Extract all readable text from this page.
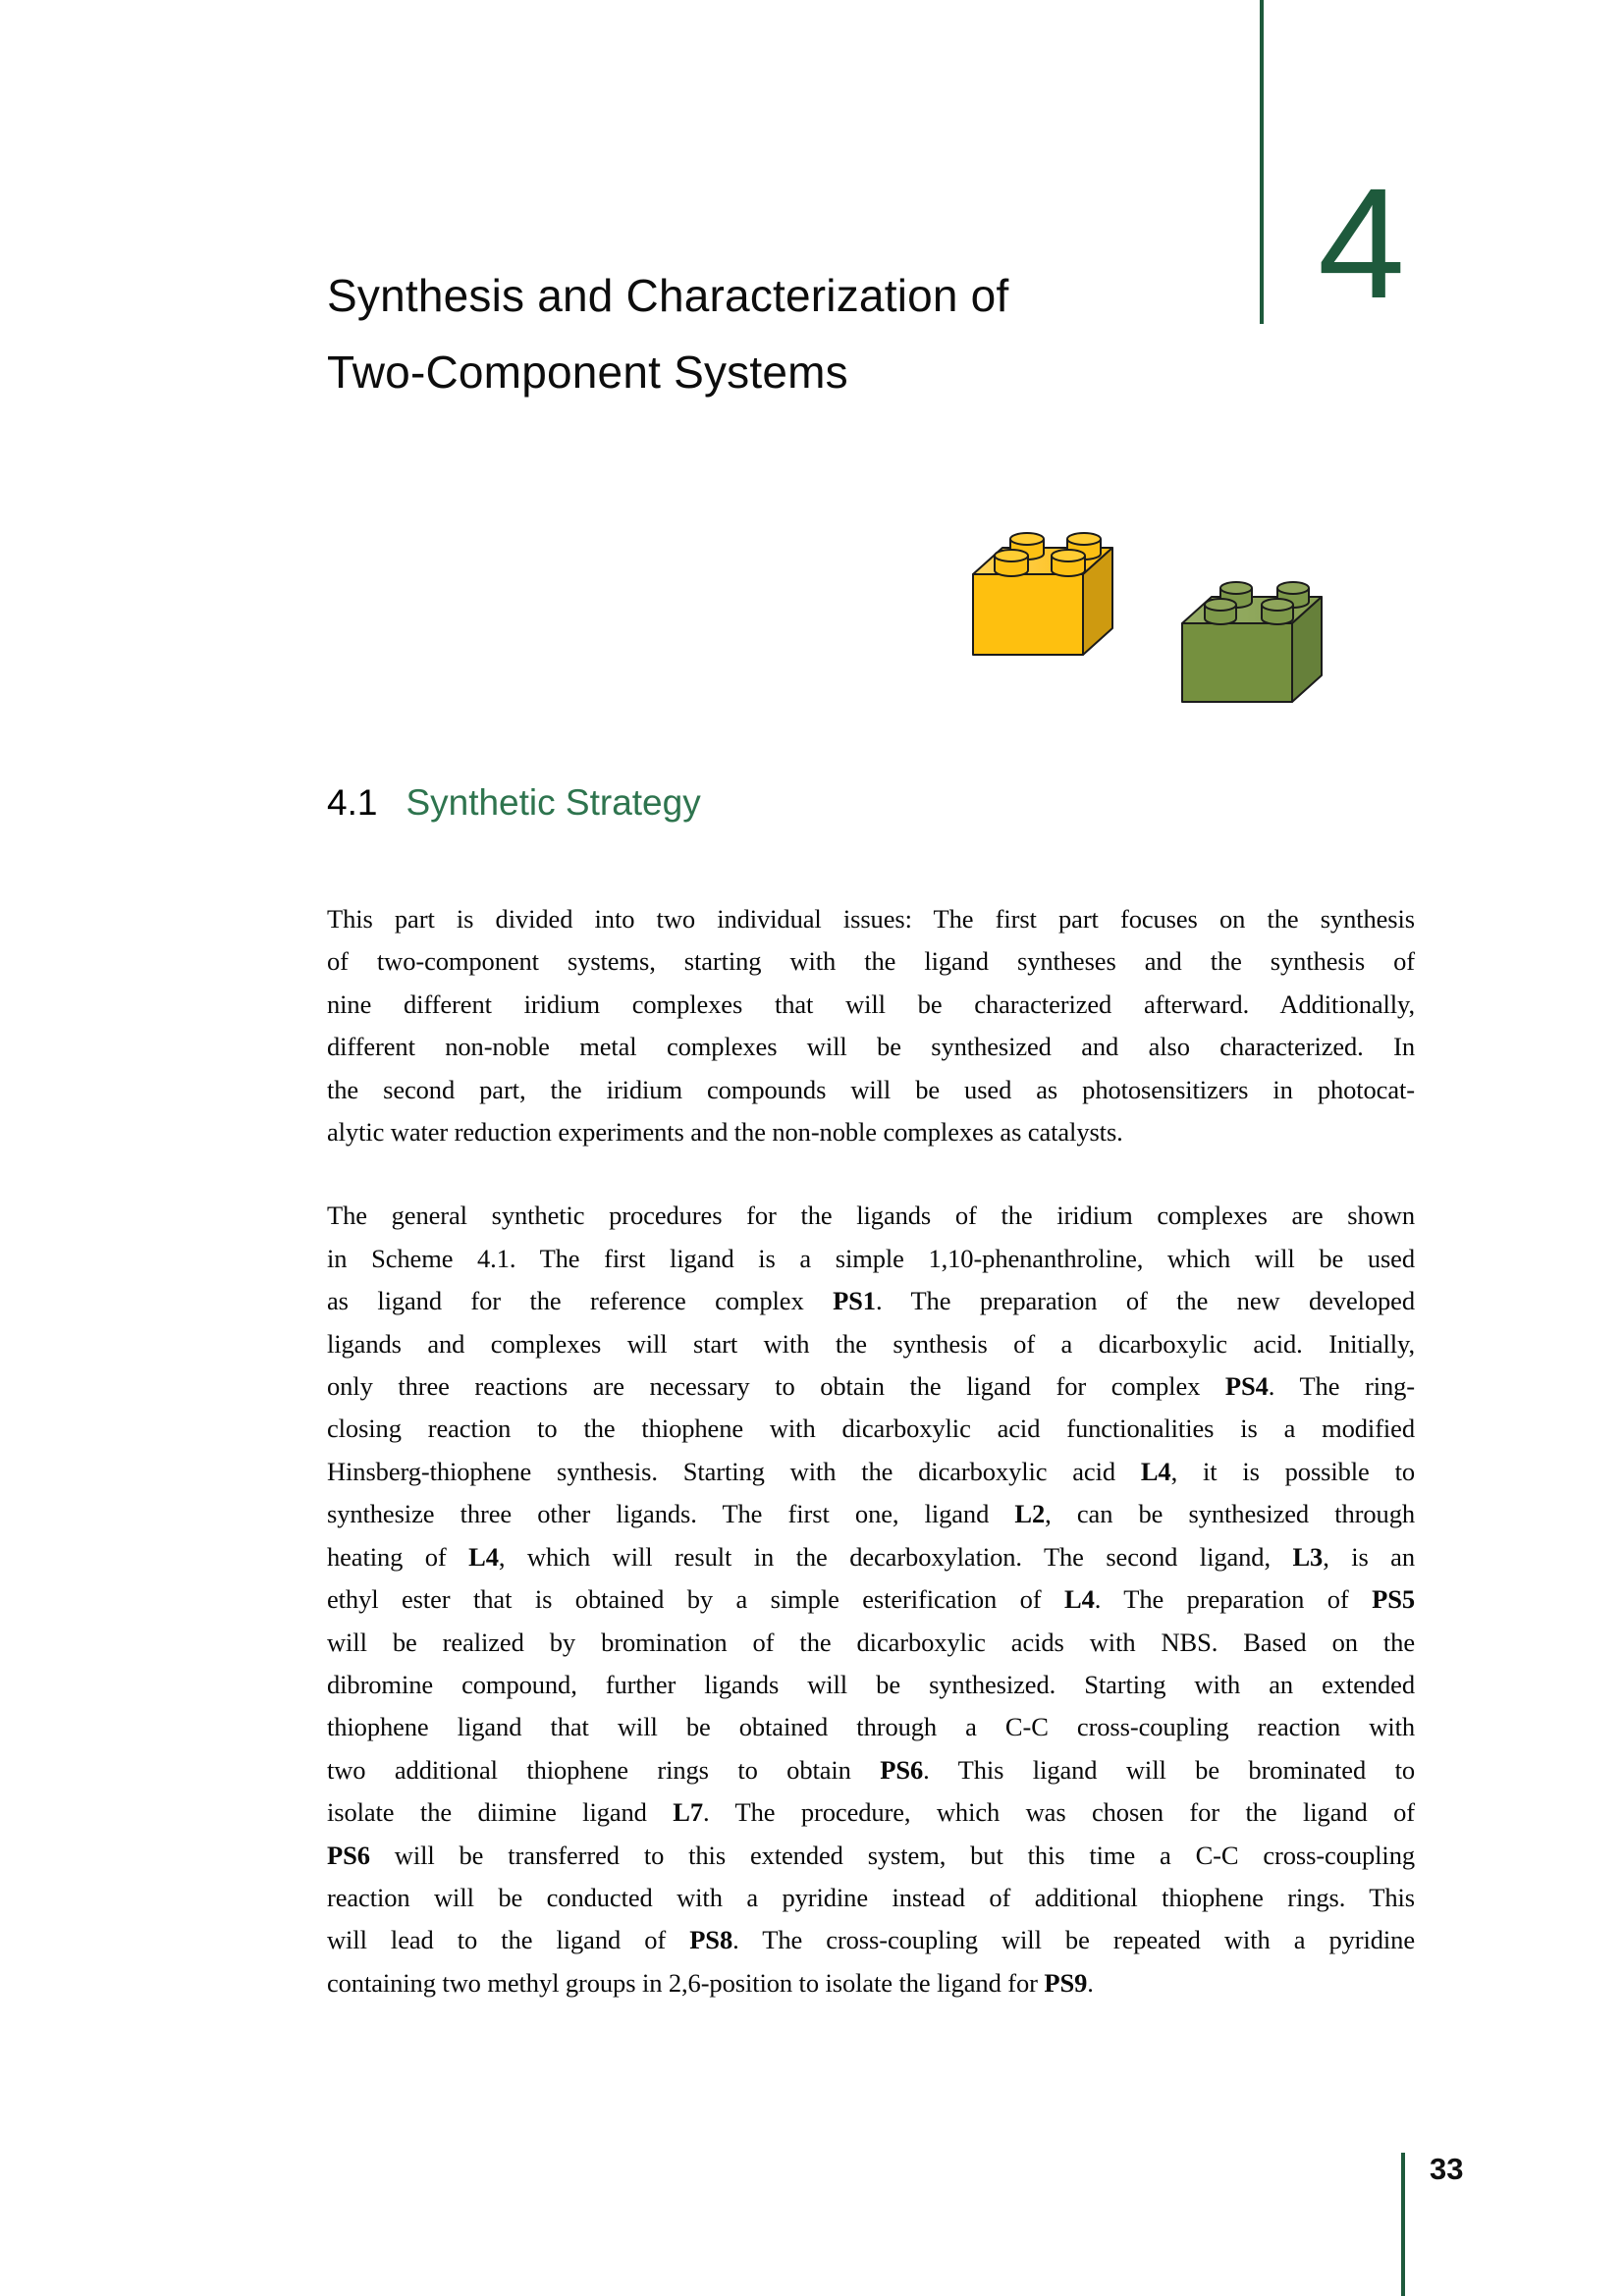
4
Synthesis and Characterization of
Two-Component Systems
4.1 Synthetic Strategy
This part is divided into two individual issues: The first part focuses on the synthesis
of two-component systems, starting with the ligand syntheses and the synthesis of
nine different iridium complexes that will be characterized afterward. Additionally,
different non-noble metal complexes will be synthesized and also characterized. In
the second part, the iridium compounds will be used as photosensitizers in photocat-
alytic water reduction experiments and the non-noble complexes as catalysts.
The general synthetic procedures for the ligands of the iridium complexes are shown
in Scheme 4.1. The first ligand is a simple 1,10-phenanthroline, which will be used
as ligand for the reference complex PS1. The preparation of the new developed
ligands and complexes will start with the synthesis of a dicarboxylic acid. Initially,
only three reactions are necessary to obtain the ligand for complex PS4. The ring-
closing reaction to the thiophene with dicarboxylic acid functionalities is a modified
Hinsberg-thiophene synthesis. Starting with the dicarboxylic acid L4, it is possible to
synthesize three other ligands. The first one, ligand L2, can be synthesized through
heating of L4, which will result in the decarboxylation. The second ligand, L3, is an
ethyl ester that is obtained by a simple esterification of L4. The preparation of PS5
will be realized by bromination of the dicarboxylic acids with NBS. Based on the
dibromine compound, further ligands will be synthesized. Starting with an extended
thiophene ligand that will be obtained through a C-C cross-coupling reaction with
two additional thiophene rings to obtain PS6. This ligand will be brominated to
isolate the diimine ligand L7. The procedure, which was chosen for the ligand of
PS6 will be transferred to this extended system, but this time a C-C cross-coupling
reaction will be conducted with a pyridine instead of additional thiophene rings. This
will lead to the ligand of PS8. The cross-coupling will be repeated with a pyridine
containing two methyl groups in 2,6-position to isolate the ligand for PS9.
33
